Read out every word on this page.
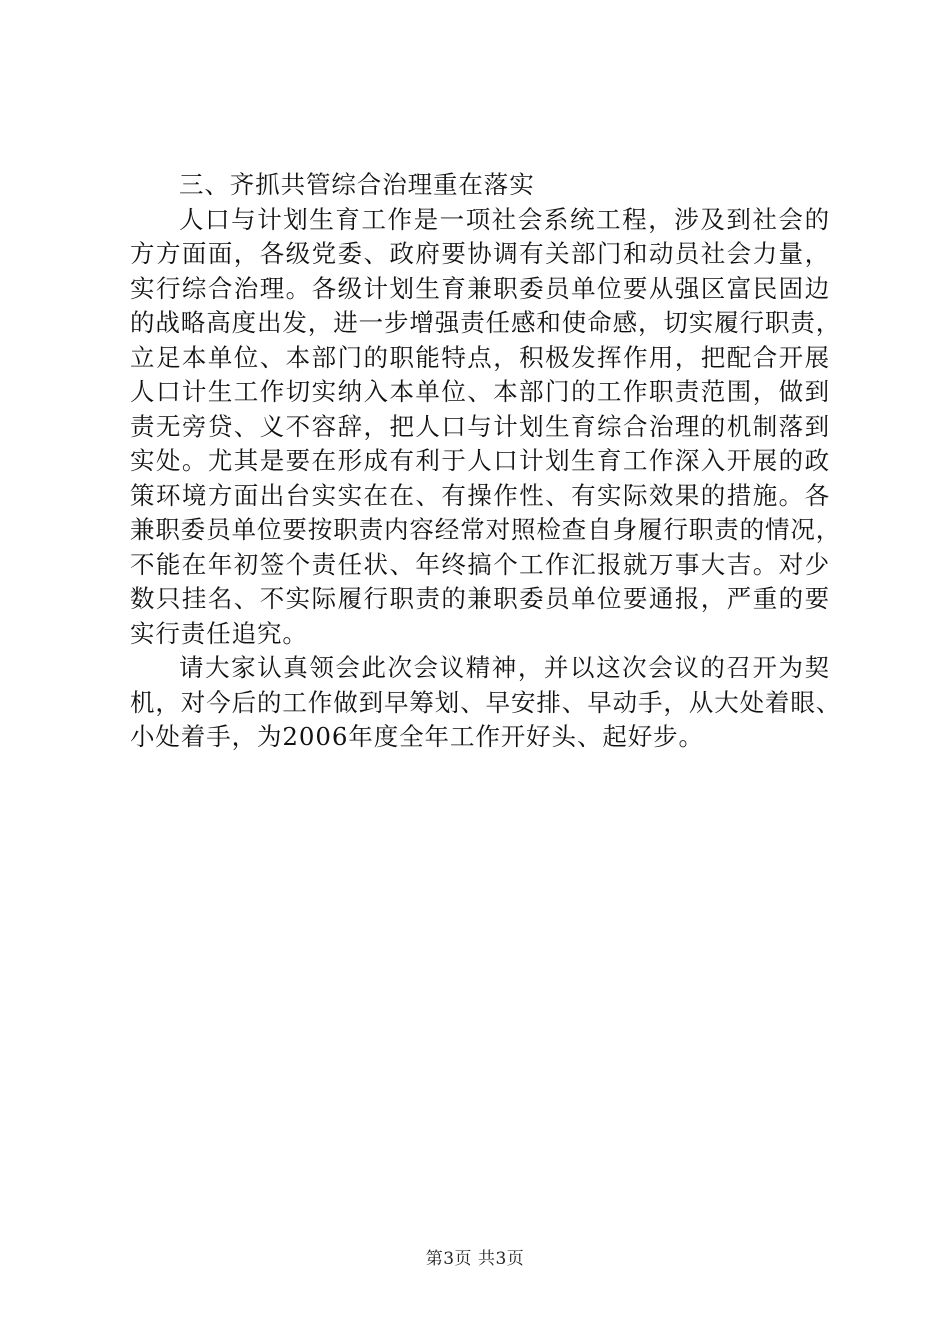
三、齐抓共管综合治理重在落实
人口与计划生育工作是一项社会系统工程，涉及到社会的
方方面面，各级党委、政府要协调有关部门和动员社会力量，
实行综合治理。各级计划生育兼职委员单位要从强区富民固边
的战略高度出发，进一步增强责任感和使命感，切实履行职责，
立足本单位、本部门的职能特点，积极发挥作用，把配合开展
人口计生工作切实纳入本单位、本部门的工作职责范围，做到
责无旁贷、义不容辞，把人口与计划生育综合治理的机制落到
实处。尤其是要在形成有利于人口计划生育工作深入开展的政
策环境方面出台实实在在、有操作性、有实际效果的措施。各
兼职委员单位要按职责内容经常对照检查自身履行职责的情况，
不能在年初签个责任状、年终搞个工作汇报就万事大吉。对少
数只挂名、不实际履行职责的兼职委员单位要通报，严重的要
实行责任追究。
请大家认真领会此次会议精神，并以这次会议的召开为契
机，对今后的工作做到早筹划、早安排、早动手，从大处着眼、
小处着手，为2006年度全年工作开好头、起好步。
第3页 共3页
